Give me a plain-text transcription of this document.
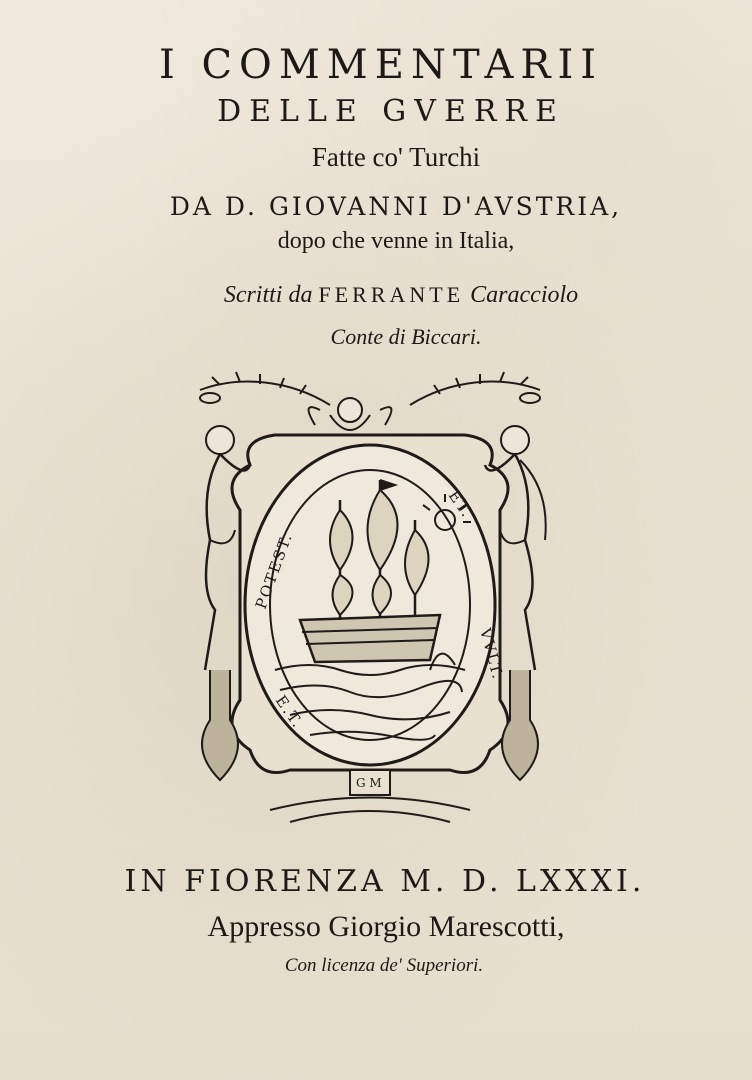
I COMMENTARII
DELLE GVERRE
Fatte co' Turchi
DA D. GIOVANNI D'AVSTRIA,
dopo che venne in Italia,
Scritti da FERRANTE Caracciolo
Conte di Biccari.
POTEST.
ET.
VVLT.
E.T.
G M
IN FIORENZA M. D. LXXXI.
Appresso Giorgio Marescotti,
Con licenza de' Superiori.
